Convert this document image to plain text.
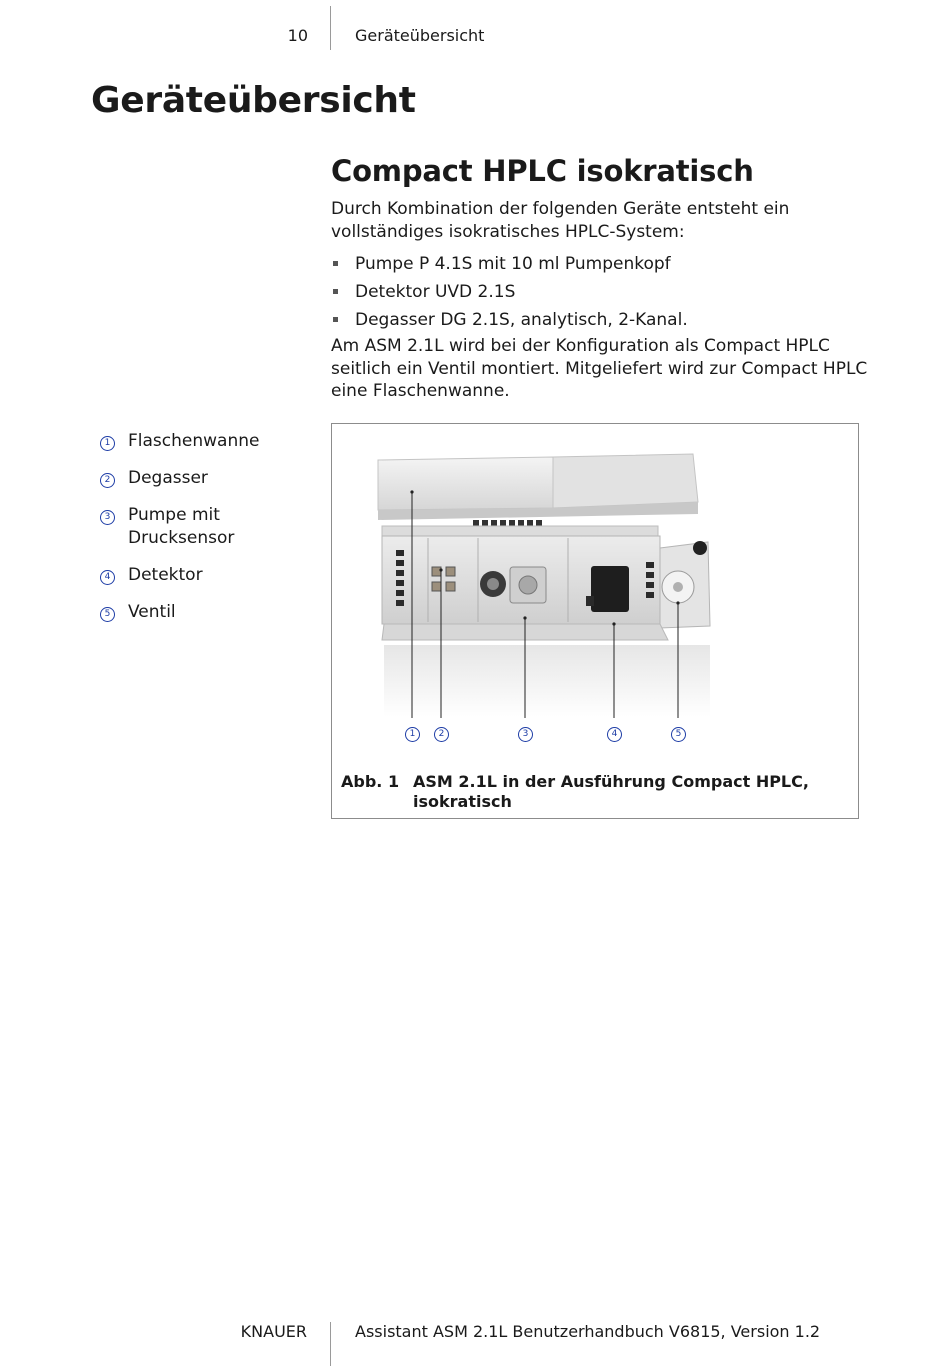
10	Geräteübersicht
Geräteübersicht
Compact HPLC isokratisch
Durch Kombination der folgenden Geräte entsteht ein vollständiges isokratisches HPLC-System:
Pumpe P 4.1S mit 10 ml Pumpenkopf
Detektor UVD 2.1S
Degasser DG 2.1S, analytisch, 2-Kanal.
Am ASM 2.1L wird bei der Konfiguration als Compact HPLC seitlich ein Ventil montiert. Mitgeliefert wird zur Compact HPLC eine Flaschenwanne.
1 Flaschenwanne
2 Degasser
3 Pumpe mit Drucksensor
4 Detektor
5 Ventil
1	2	3	4	5
Abb. 1 ASM 2.1L in der Ausführung Compact HPLC, isokratisch
KNAUER	Assistant ASM 2.1L Benutzerhandbuch V6815, Version 1.2
